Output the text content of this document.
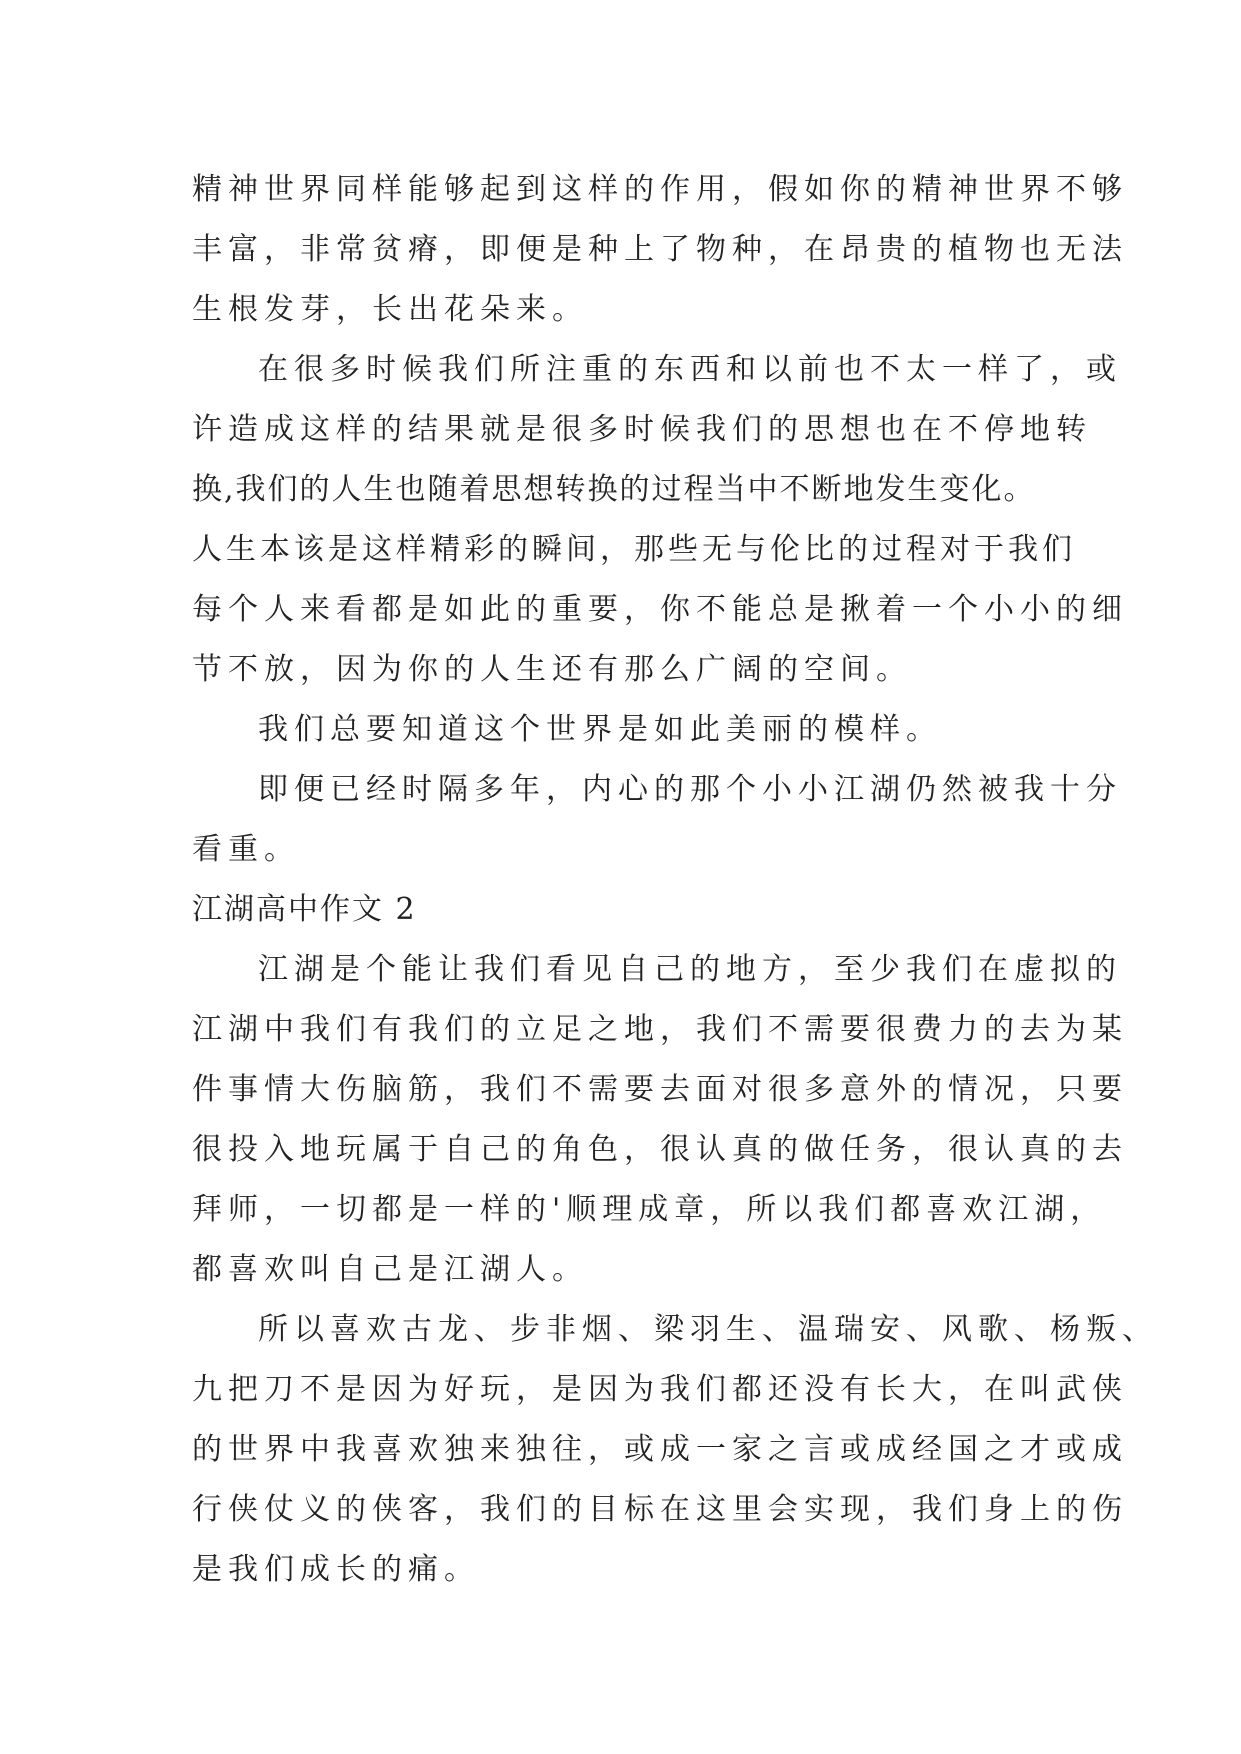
精神世界同样能够起到这样的作用，假如你的精神世界不够
丰富，非常贫瘠，即便是种上了物种，在昂贵的植物也无法
生根发芽，长出花朵来。
在很多时候我们所注重的东西和以前也不太一样了，或
许造成这样的结果就是很多时候我们的思想也在不停地转
换,我们的人生也随着思想转换的过程当中不断地发生变化。
人生本该是这样精彩的瞬间，那些无与伦比的过程对于我们
每个人来看都是如此的重要，你不能总是揪着一个小小的细
节不放，因为你的人生还有那么广阔的空间。
我们总要知道这个世界是如此美丽的模样。
即便已经时隔多年，内心的那个小小江湖仍然被我十分
看重。
江湖高中作文 2
江湖是个能让我们看见自己的地方，至少我们在虚拟的
江湖中我们有我们的立足之地，我们不需要很费力的去为某
件事情大伤脑筋，我们不需要去面对很多意外的情况，只要
很投入地玩属于自己的角色，很认真的做任务，很认真的去
拜师，一切都是一样的'顺理成章，所以我们都喜欢江湖，
都喜欢叫自己是江湖人。
所以喜欢古龙、步非烟、梁羽生、温瑞安、风歌、杨叛、
九把刀不是因为好玩，是因为我们都还没有长大，在叫武侠
的世界中我喜欢独来独往，或成一家之言或成经国之才或成
行侠仗义的侠客，我们的目标在这里会实现，我们身上的伤
是我们成长的痛。
